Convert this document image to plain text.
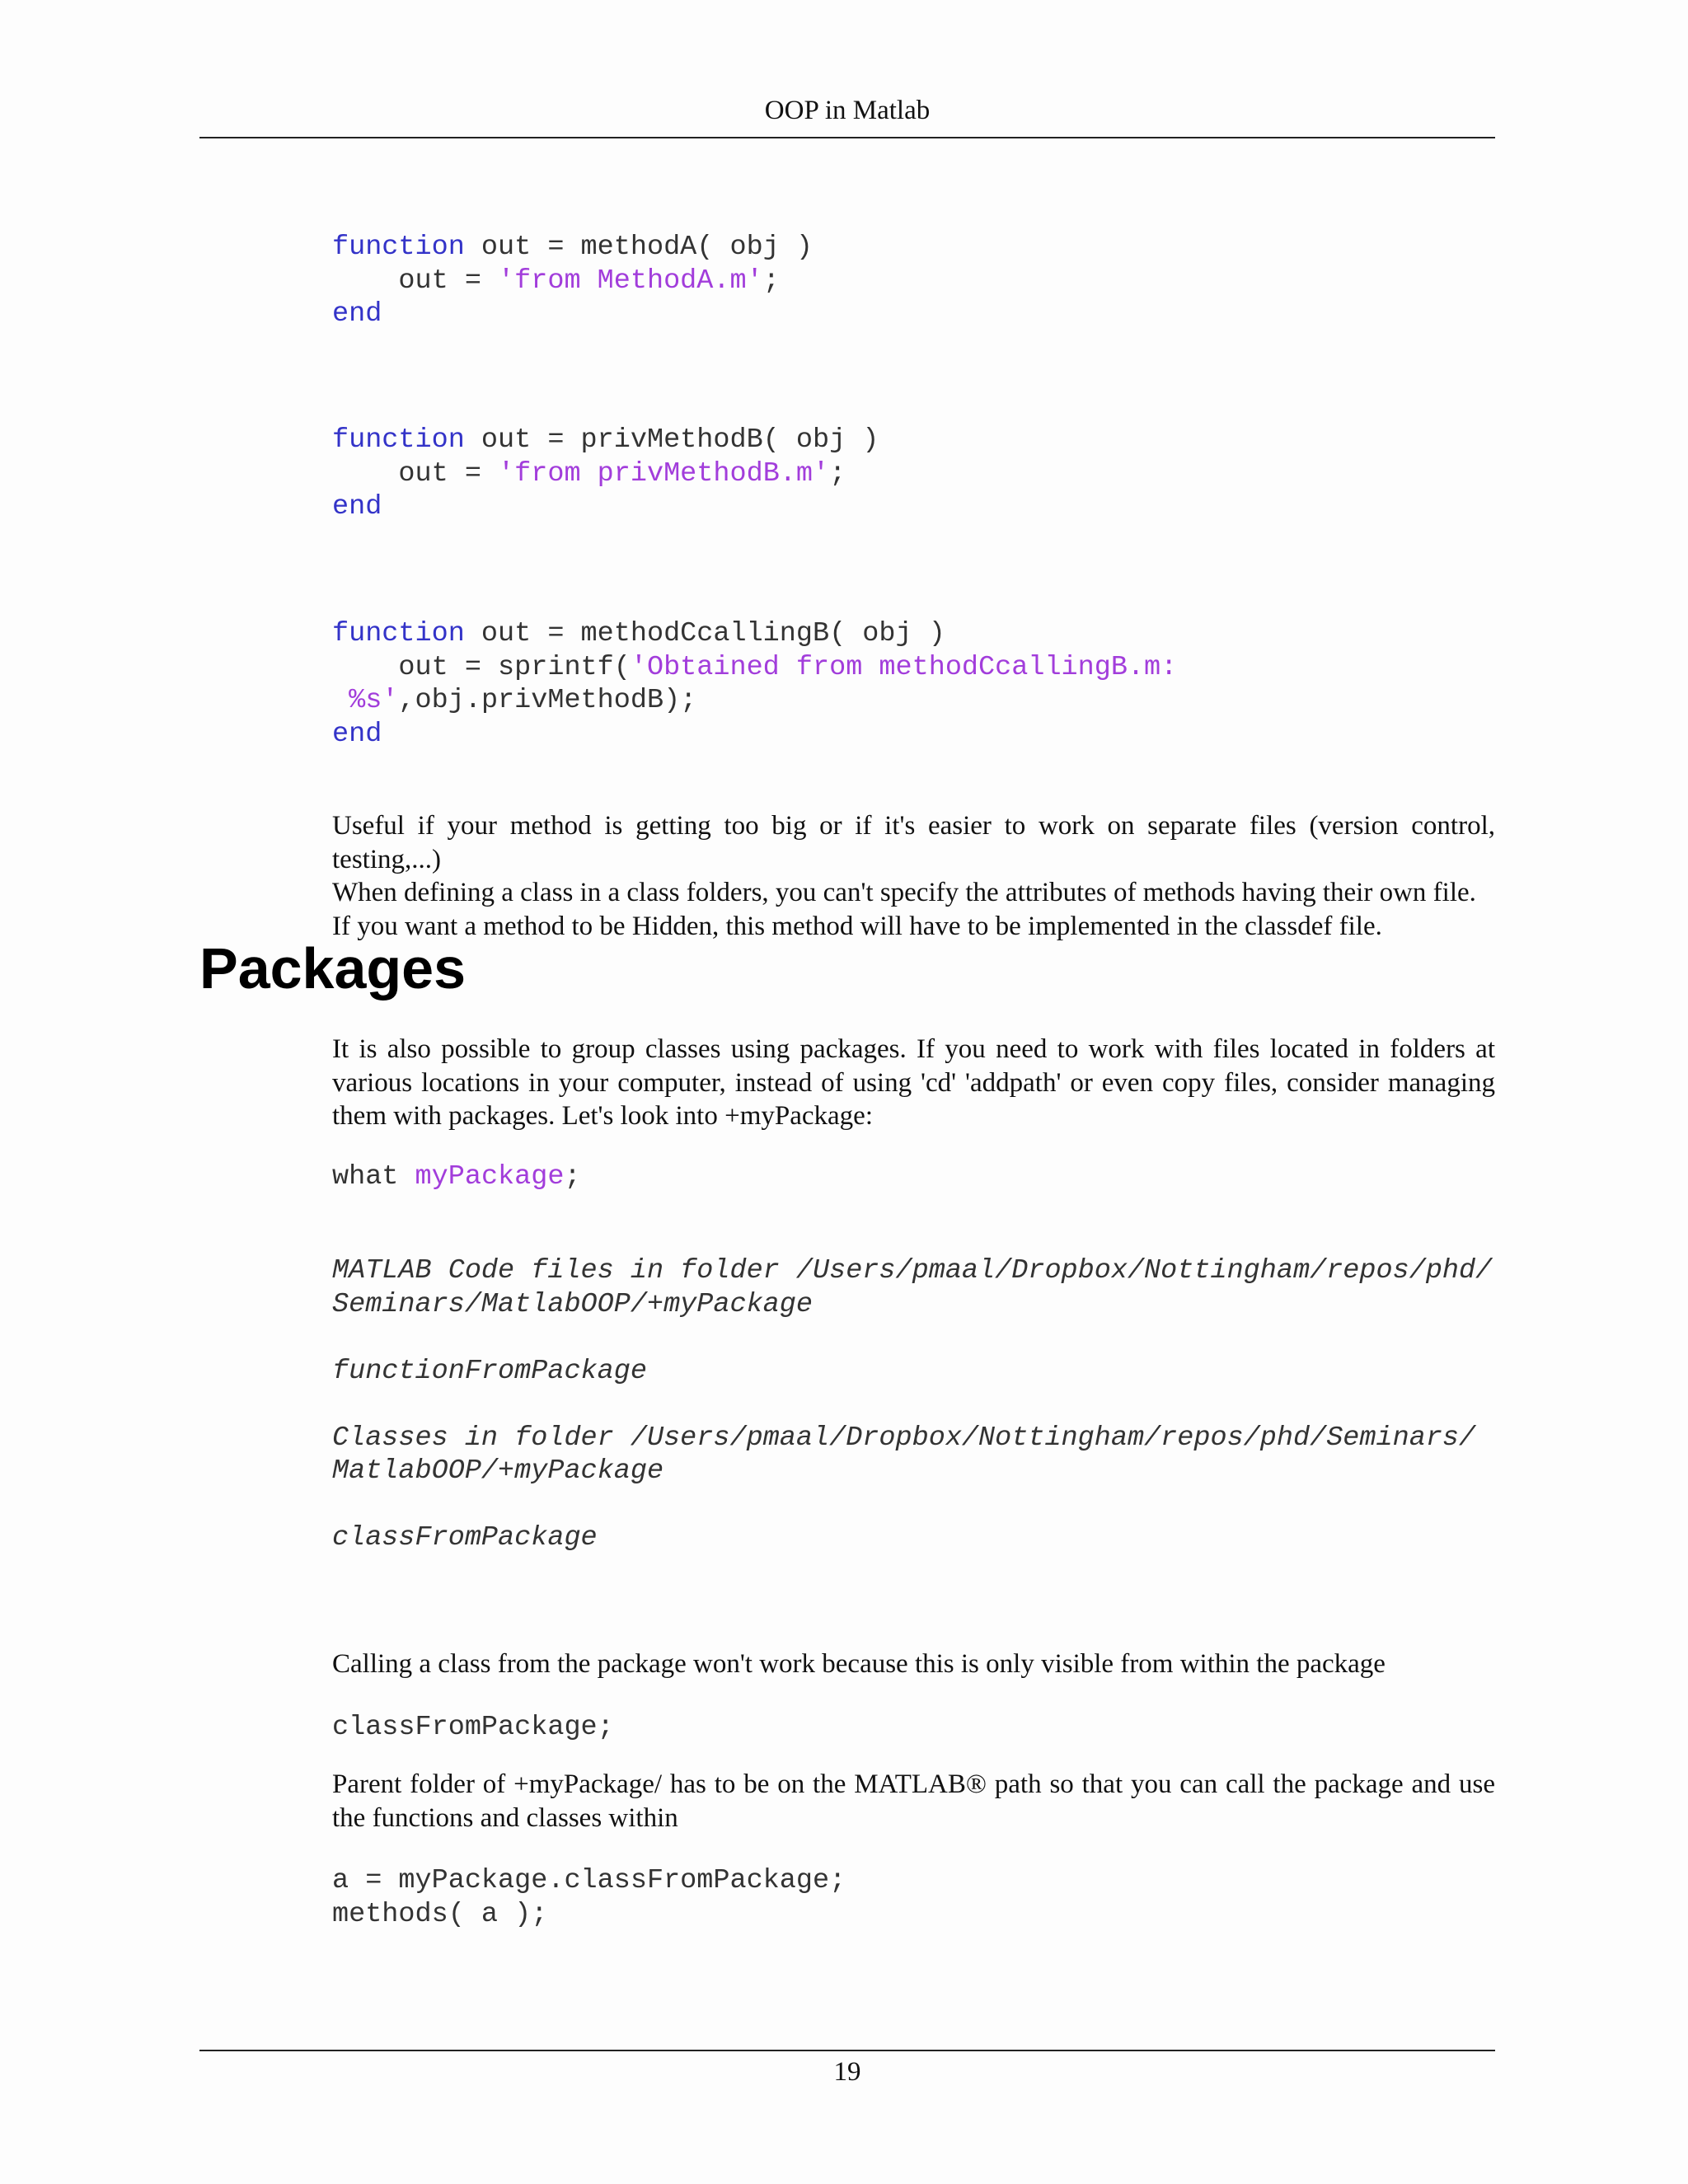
OOP in Matlab
function out = methodA( obj )
out = 'from MethodA.m';
end
function out = privMethodB( obj )
out = 'from privMethodB.m';
end
function out = methodCcallingB( obj )
out = sprintf('Obtained from methodCcallingB.m:
%s',obj.privMethodB);
end

Useful if your method is getting too big or if it's easier to work on separate files (version control, testing,...)
When defining a class in a class folders, you can't specify the attributes of methods having their own file.
If you want a method to be Hidden, this method will have to be implemented in the classdef file.

Packages

It is also possible to group classes using packages. If you need to work with files located in folders at various locations in your computer, instead of using 'cd' 'addpath' or even copy files, consider managing them with packages. Let's look into +myPackage:

what myPackage;
MATLAB Code files in folder /Users/pmaal/Dropbox/Nottingham/repos/phd/
Seminars/MatlabOOP/+myPackage

functionFromPackage

Classes in folder /Users/pmaal/Dropbox/Nottingham/repos/phd/Seminars/
MatlabOOP/+myPackage

classFromPackage

Calling a class from the package won't work because this is only visible from within the package

classFromPackage;

Parent folder of +myPackage/ has to be on the MATLAB® path so that you can call the package and use the functions and classes within

a = myPackage.classFromPackage;
methods( a );
19
